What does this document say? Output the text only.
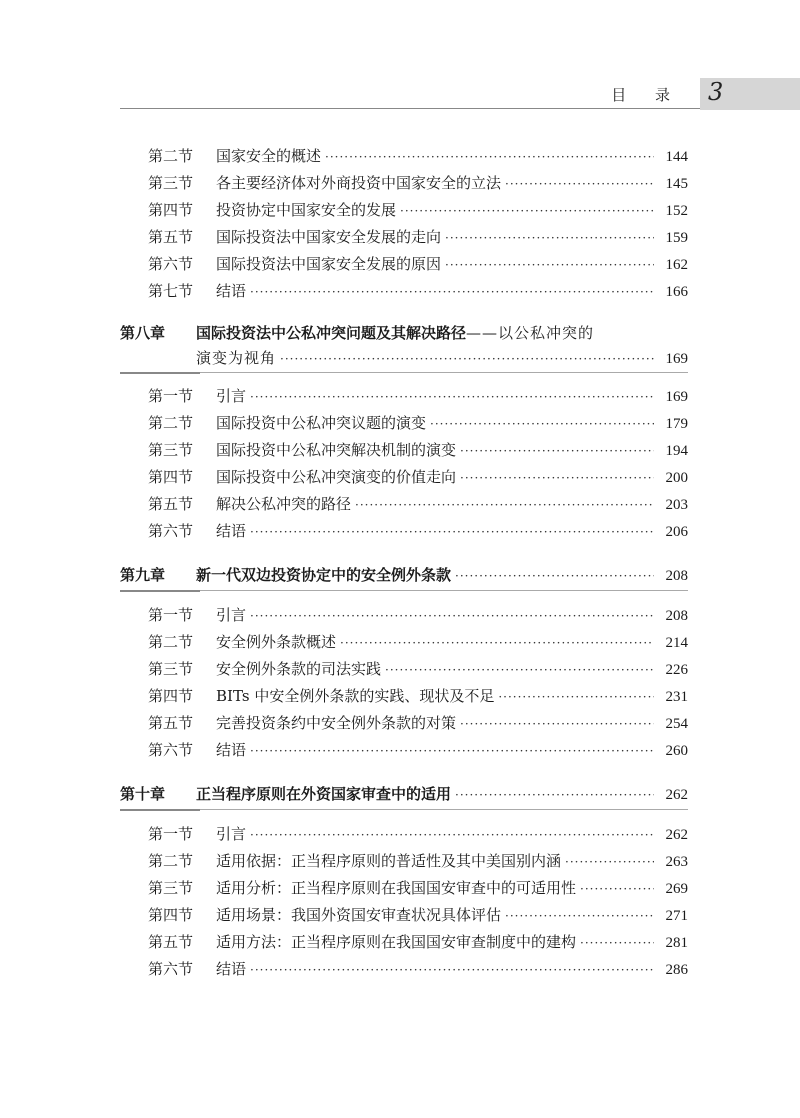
目 录 3
第二节	国家安全的概述 ·····	144
第三节	各主要经济体对外商投资中国家安全的立法 ·····	145
第四节	投资协定中国家安全的发展 ·····	152
第五节	国际投资法中国家安全发展的走向 ·····	159
第六节	国际投资法中国家安全发展的原因 ·····	162
第七节	结语 ·····	166
第八章	国际投资法中公私冲突问题及其解决路径 ——以公私冲突的
演变为视角 ·····	169
第一节	引言 ·····	169
第二节	国际投资中公私冲突议题的演变 ·····	179
第三节	国际投资中公私冲突解决机制的演变 ·····	194
第四节	国际投资中公私冲突演变的价值走向 ·····	200
第五节	解决公私冲突的路径 ·····	203
第六节	结语 ·····	206
第九章	新一代双边投资协定中的安全例外条款 ·····	208
第一节	引言 ·····	208
第二节	安全例外条款概述 ·····	214
第三节	安全例外条款的司法实践 ·····	226
第四节	BITs 中安全例外条款的实践、现状及不足 ·····	231
第五节	完善投资条约中安全例外条款的对策 ·····	254
第六节	结语 ·····	260
第十章	正当程序原则在外资国家审查中的适用 ·····	262
第一节	引言 ·····	262
第二节	适用依据：正当程序原则的普适性及其中美国别内涵 ·····	263
第三节	适用分析：正当程序原则在我国国安审查中的可适用性 ·····	269
第四节	适用场景：我国外资国安审查状况具体评估 ·····	271
第五节	适用方法：正当程序原则在我国国安审查制度中的建构 ·····	281
第六节	结语 ·····	286
